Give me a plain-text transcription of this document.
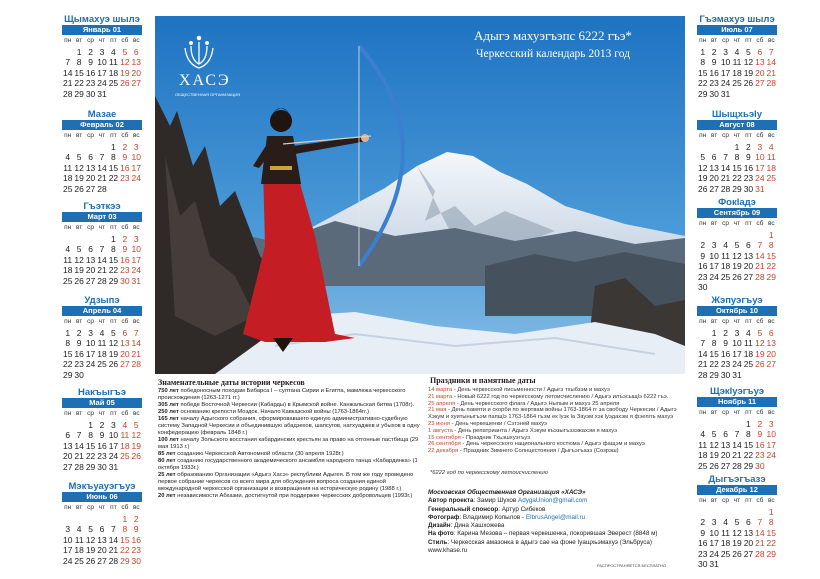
Щымахуэ шылэ
Январь 01
пн вт ср чт пт сб вс
1 2 3 4 5 6
7 8 9 10 11 12 13
14 15 16 17 18 19 20
21 22 23 24 25 26 27
28 29 30 31
Мазае
Февраль 02
пн вт ср чт пт сб вс
1 2 3
4 5 6 7 8 9 10
11 12 13 14 15 16 17
18 19 20 21 22 23 24
25 26 27 28
Гъэткээ
Март 03
пн вт ср чт пт сб вс
1 2 3
4 5 6 7 8 9 10
11 12 13 14 15 16 17
18 19 20 21 22 23 24
25 26 27 28 29 30 31
Удзыпэ
Апрель 04
пн вт ср чт пт сб вс
1 2 3 4 5 6 7
8 9 10 11 12 13 14
15 16 17 18 19 20 21
22 23 24 25 26 27 28
29 30
Накъыгъэ
Май 05
пн вт ср чт пт сб вс
1 2 3 4 5
6 7 8 9 10 11 12
13 14 15 16 17 18 19
20 21 22 23 24 25 26
27 28 29 30 31
Мэкъуауэгъуэ
Июнь 06
пн вт ср чт пт сб вс
1 2
3 4 5 6 7 8 9
10 11 12 13 14 15 16
17 18 19 20 21 22 23
24 25 26 27 28 29 30
Гъэмахуэ шылэ
Июль 07
пн вт ср чт пт сб вс
1 2 3 4 5 6 7
8 9 10 11 12 13 14
15 16 17 18 19 20 21
22 23 24 25 26 27 28
29 30 31
Шыщхьэlу
Август 08
пн вт ср чт пт сб вс
1 2 3 4
5 6 7 8 9 10 11
12 13 14 15 16 17 18
19 20 21 22 23 24 25
26 27 28 29 30 31
Фокlадэ
Сентябрь 09
пн вт ср чт пт сб вс
1
2 3 4 5 6 7 8
9 10 11 12 13 14 15
16 17 18 19 20 21 22
23 24 25 26 27 28 29
30
Жэпуэгъуэ
Октябрь 10
пн вт ср чт пт сб вс
1 2 3 4 5 6
7 8 9 10 11 12 13
14 15 16 17 18 19 20
21 22 23 24 25 26 27
28 29 30 31
Щэкlуэгъуэ
Ноябрь 11
пн вт ср чт пт сб вс
1 2 3
4 5 6 7 8 9 10
11 12 13 14 15 16 17
18 19 20 21 22 23 24
25 26 27 28 29 30
Дыгъэгъазэ
Декабрь 12
пн вт ср чт пт сб вс
1
2 3 4 5 6 7 8
9 10 11 12 13 14 15
16 17 18 19 20 21 22
23 24 25 26 27 28 29
30 31
ХАСЭ
ОБЩЕСТВЕННАЯ ОРГАНИЗАЦИЯ
Адыгэ махуэгъэпс 6222 гъэ*
Черкесский календарь 2013 год
Знаменательные даты истории черкесов
750 лет победоносным походам Бибарса I – султана Сирии и Египта, мамлюка черкесского происхождения (1263-1271 гг.)
305 лет победе Восточной Черкесии (Кабарды) в Крымской войне. Канжальская битва (1708г).
250 лет основанию крепости Моздок. Начало Кавказской войны (1763-1864гг.)
165 лет началу Адыгского собрания, сформировавшего единую административно-судебную систему Западной Черкесии и объединившую абадзехов, шапсугов, натхуаджев и убыхов в одну конфедерацию (февраль 1848 г.)
100 лет началу Зольского восстания кабардинских крестьян за право на отгонные пастбища (29 мая 1913 г.)
85 лет созданию Черкесской Автономной области (30 апреля 1928г.)
80 лет созданию государственного академического ансамбля народного танца «Кабардинка» (1 октября 1933г.)
25 лет образованию Организации «Адыгэ Хасэ» республики Адыгея. В том же году проведено первое собрание черкесов со всего мира для обсуждения вопроса создания единой международной черкесской организации и возвращения на историческую родину (1988 г.)
20 лет независимости Абхазии, достигнутой при поддержке черкесских добровольцев (1993г.)
Праздники и памятные даты
14 марта - День черкесской письменности / Адыгэ тхыбзэм и махуэ
21 марта - Новый 6222 год по черкесскому летоисчислению / Адыгэ илъэсыщlэ 6222 гъэ.
25 апреля - День черкесского флага / Адыгэ Ныпым и махуэ 25 апреля
21 мая - День памяти и скорби по жертвам войны 1763-1864 гг за свободу Черкесии / Адыгэ Хэкум и хуитыныгъэм папщlэ 1763-1864 гъэм ек lуэк lа Зауэм хэк lуэдахэм я фэеплъ махуэ
23 июня - День черкешенки / Сэтэней махуэ
1 августа - День репатрианта / Адыгэ Хэкум къэзыгъэзэжахэм я махуэ
15 сентября - Праздник Тхьэшхуэгъуэ
26 сентября - День черкесского национального костюма / Адыгэ фащэм и махуэ
22 декабря - Праздник Зимнего Солнцестояния / Дыгъэгъазэ (Созрэш)
*6222 год по черкесскому летоисчислению
Московская Общественная Организация «ХАСЭ»
Автор проекта: Замир Шухов AdygaUnion@gmail.com
Генеральный спонсор: Артур Сибеков
Фотограф: Владимир Копылов - ElbrusAngel@mail.ru
Дизайн: Дина Хашхожева
На фото: Карина Мезова – первая черкешенка, покорившая Эверест (8848 м)
Стиль: Черкесская амазонка в адыгэ сае на фоне Iуащхьэмахуэ (Эльбруса)
www.khase.ru
РАСПРОСТРАНЯЕТСЯ БЕСПЛАТНО
